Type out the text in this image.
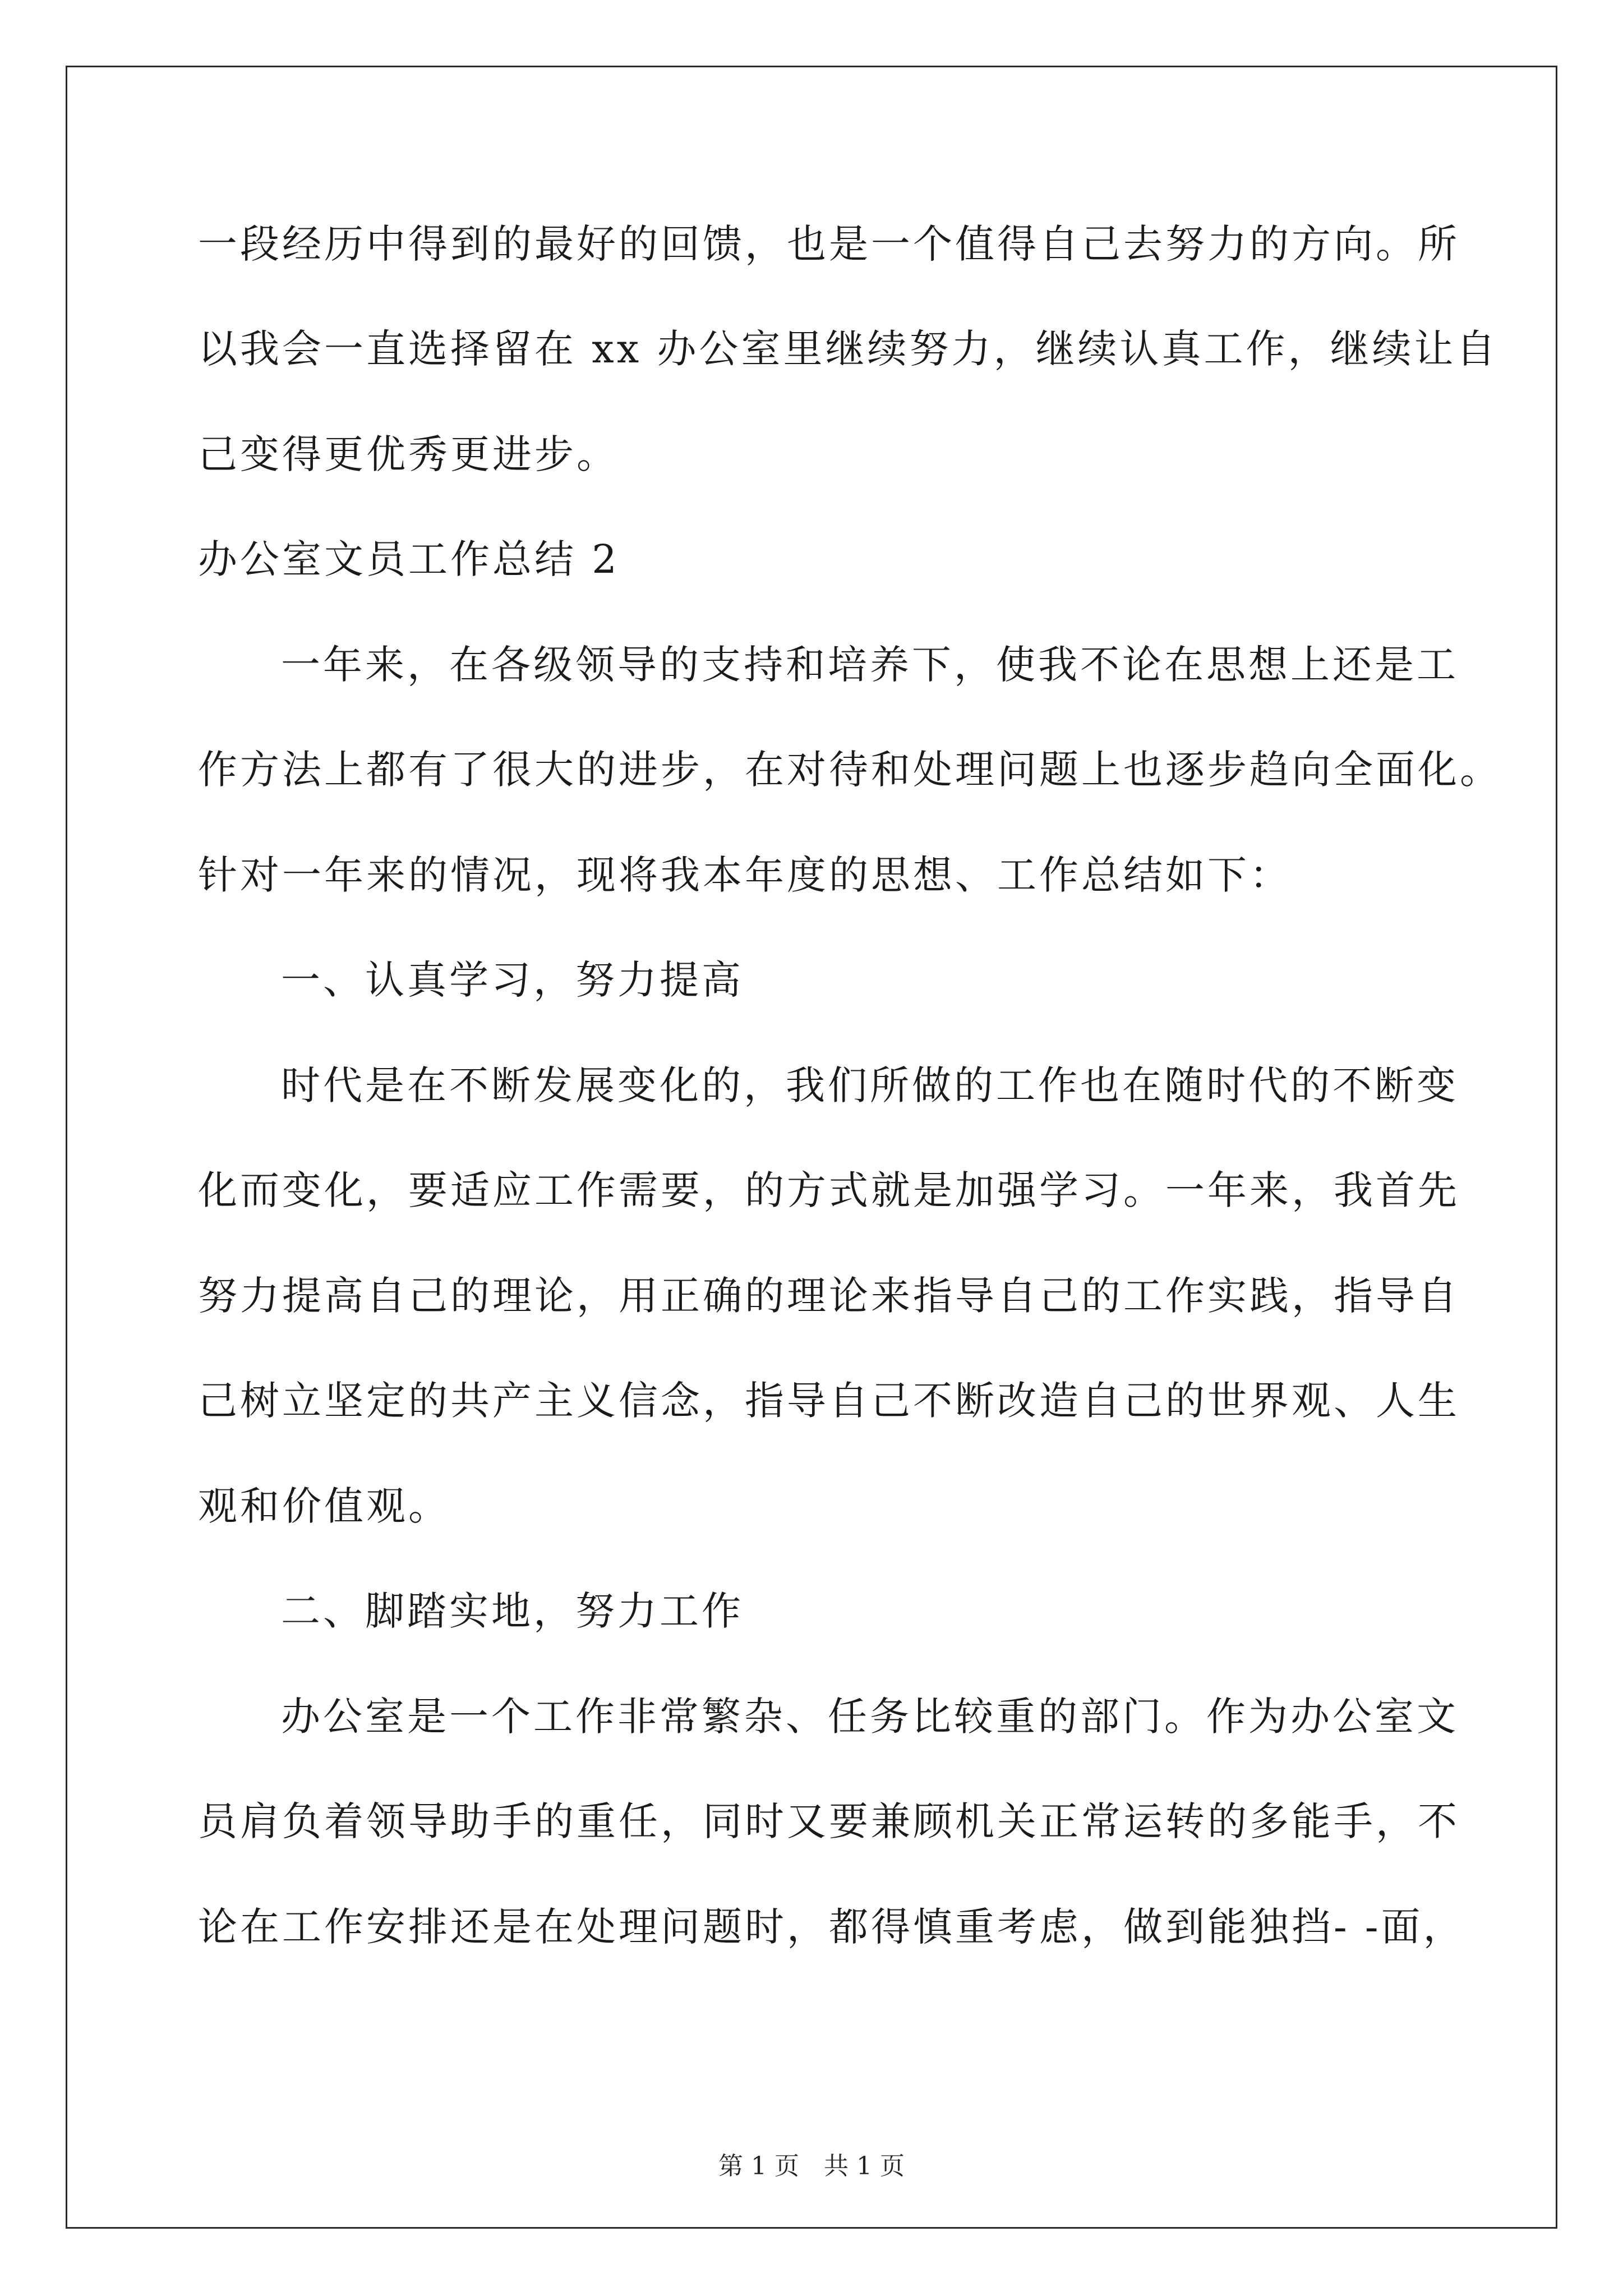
一段经历中得到的最好的回馈，也是一个值得自己去努力的方向。所
以我会一直选择留在 xx 办公室里继续努力，继续认真工作，继续让自
己变得更优秀更进步。
办公室文员工作总结 2
一年来，在各级领导的支持和培养下，使我不论在思想上还是工
作方法上都有了很大的进步，在对待和处理问题上也逐步趋向全面化。
针对一年来的情况，现将我本年度的思想、工作总结如下：
一、认真学习，努力提高
时代是在不断发展变化的，我们所做的工作也在随时代的不断变
化而变化，要适应工作需要，的方式就是加强学习。一年来，我首先
努力提高自己的理论，用正确的理论来指导自己的工作实践，指导自
己树立坚定的共产主义信念，指导自己不断改造自己的世界观、人生
观和价值观。
二、脚踏实地，努力工作
办公室是一个工作非常繁杂、任务比较重的部门。作为办公室文
员肩负着领导助手的重任，同时又要兼顾机关正常运转的多能手，不
论在工作安排还是在处理问题时，都得慎重考虑，做到能独挡- -面，
第 1 页　共 1 页
